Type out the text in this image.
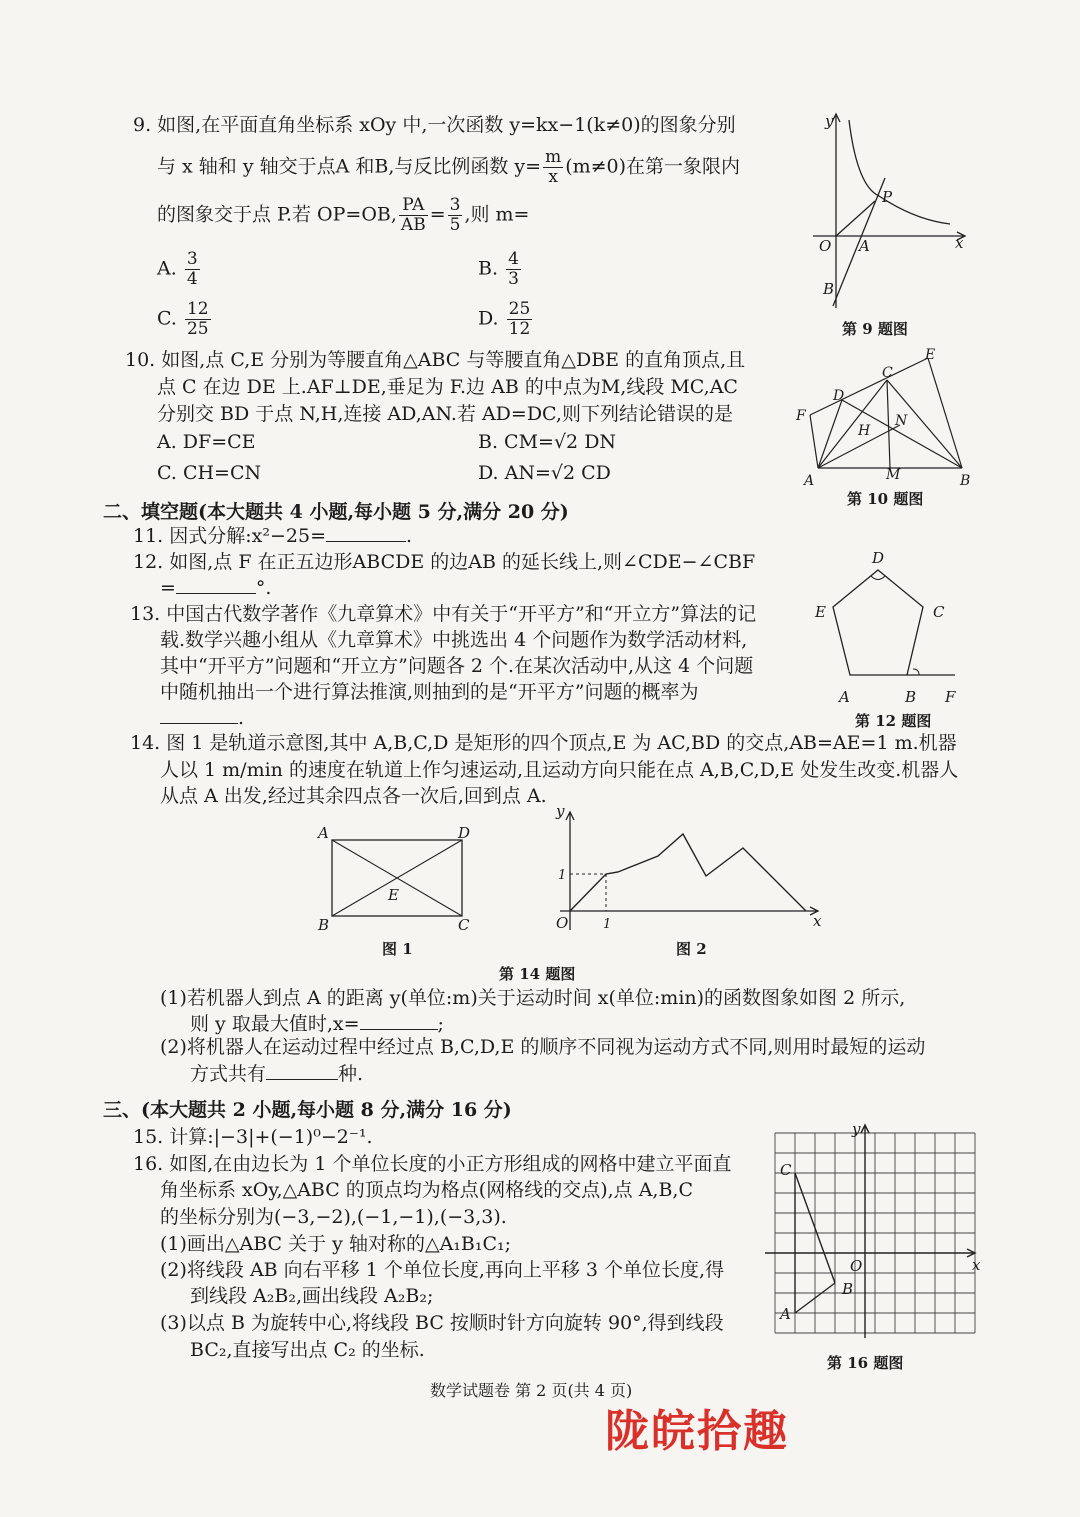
9. 如图,在平面直角坐标系 xOy 中,一次函数 y=kx−1(k≠0)的图象分别
与 x 轴和 y 轴交于点A 和B,与反比例函数 $y= \frac{m}{x} (m\ne 0)$在第一象限内
的图象交于点 P.若 OP=OB, $\frac{PA}{AB} = \frac{3}{5}$ ,则 m=
A. $\frac{3}{4}$	B. $\frac{4}{3}$
C. $\frac{12}{25}$	D. $\frac{25}{12}$
y
x
O A
B
P
第 9 题图
10. 如图,点 C,E 分别为等腰直角△ABC 与等腰直角△DBE 的直角顶点,且
点 C 在边 DE 上.AF⊥DE,垂足为 F.边 AB 的中点为M,线段 MC,AC
分别交 BD 于点 N,H,连接 AD,AN.若 AD=DC,则下列结论错误的是
A. DF=CE	B. CM=√2 DN
C. CH=CN	D. AN=√2 CD	A	B
C
D
E
F
H
M
N
第 10 题图
二、填空题(本大题共 4 小题,每小题 5 分,满分 20 分)
11. 因式分解:x²−25=	.
12. 如图,点 F 在正五边形ABCDE 的边AB 的延长线上,则∠CDE−∠CBF
=	°.
13. 中国古代数学著作《九章算术》中有关于“开平方”和“开立方”算法的记
载.数学兴趣小组从《九章算术》中挑选出 4 个问题作为数学活动材料,
其中“开平方”问题和“开立方”问题各 2 个.在某次活动中,从这 4 个问题
中随机抽出一个进行算法推演,则抽到的是“开平方”问题的概率为
.
D
C
E
A	B F
第 12 题图
14. 图 1 是轨道示意图,其中 A,B,C,D 是矩形的四个顶点,E 为 AC,BD 的交点,AB=AE=1 m.机器
人以 1 m/min 的速度在轨道上作匀速运动,且运动方向只能在点 A,B,C,D,E 处发生改变.机器人
从点 A 出发,经过其余四点各一次后,回到点 A.
A	D
B	C
E
图 1
y
x
O
1
1
图 2
第 14 题图
(1)若机器人到点 A 的距离 y(单位:m)关于运动时间 x(单位:min)的函数图象如图 2 所示,
则 y 取最大值时,x=	;
(2)将机器人在运动过程中经过点 B,C,D,E 的顺序不同视为运动方式不同,则用时最短的运动
方式共有	种.
三、(本大题共 2 小题,每小题 8 分,满分 16 分)
15. 计算:|−3|+(−1)⁰−2⁻¹.
16. 如图,在由边长为 1 个单位长度的小正方形组成的网格中建立平面直
角坐标系 xOy,△ABC 的顶点均为格点(网格线的交点),点 A,B,C
的坐标分别为(−3,−2),(−1,−1),(−3,3).
(1)画出△ABC 关于 y 轴对称的△A₁B₁C₁;
(2)将线段 AB 向右平移 1 个单位长度,再向上平移 3 个单位长度,得
到线段 A₂B₂,画出线段 A₂B₂;
(3)以点 B 为旋转中心,将线段 BC 按顺时针方向旋转 90°,得到线段
BC₂,直接写出点 C₂ 的坐标.
y
x
O
A
B
C
第 16 题图
数学试题卷 第 2 页(共 4 页)
陇皖拾趣
